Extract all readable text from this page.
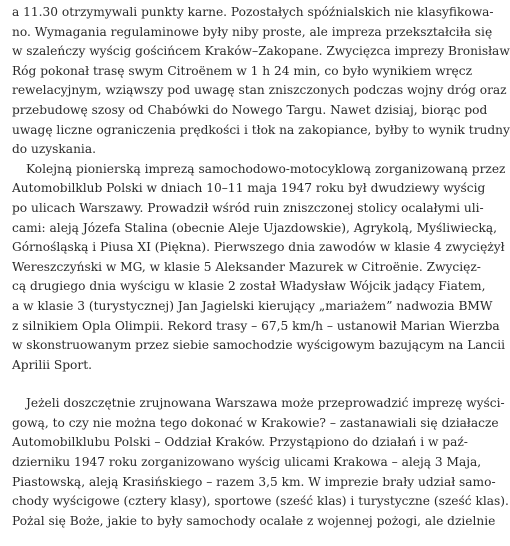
a 11.30 otrzymywali punkty karne. Pozostałych spóźnialskich nie klasyfikowa-
no. Wymagania regulaminowe były niby proste, ale impreza przekształciła się
w szaleńczy wyścig gościńcem Kraków–Zakopane. Zwycięzca imprezy Bronisław
Róg pokonał trasę swym Citroënem w 1 h 24 min, co było wynikiem wręcz
rewelacyjnym, wziąwszy pod uwagę stan zniszczonych podczas wojny dróg oraz
przebudowę szosy od Chabówki do Nowego Targu. Nawet dzisiaj, biorąc pod
uwagę liczne ograniczenia prędkości i tłok na zakopiance, byłby to wynik trudny
do uzyskania.
Kolejną pionierską imprezą samochodowo-motocyklową zorganizowaną przez
Automobilklub Polski w dniach 10–11 maja 1947 roku był dwudziewy wyścig
po ulicach Warszawy. Prowadził wśród ruin zniszczonej stolicy ocalałymi uli-
cami: aleją Józefa Stalina (obecnie Aleje Ujazdowskie), Agrykolą, Myśliwiecką,
Górnośląską i Piusa XI (Piękna). Pierwszego dnia zawodów w klasie 4 zwyciężył
Wereszczyński w MG, w klasie 5 Aleksander Mazurek w Citroënie. Zwycięz-
cą drugiego dnia wyścigu w klasie 2 został Władysław Wójcik jadący Fiatem,
a w klasie 3 (turystycznej) Jan Jagielski kierujący „mariażem” nadwozia BMW
z silnikiem Opla Olimpii. Rekord trasy – 67,5 km/h – ustanowił Marian Wierzba
w skonstruowanym przez siebie samochodzie wyścigowym bazującym na Lancii
Aprilii Sport.
Jeżeli doszczętnie zrujnowana Warszawa może przeprowadzić imprezę wyści-
gową, to czy nie można tego dokonać w Krakowie? – zastanawiali się działacze
Automobilklubu Polski – Oddział Kraków. Przystąpiono do działań i w paź-
dzierniku 1947 roku zorganizowano wyścig ulicami Krakowa – aleją 3 Maja,
Piastowską, aleją Krasińskiego – razem 3,5 km. W imprezie brały udział samo-
chody wyścigowe (cztery klasy), sportowe (sześć klas) i turystyczne (sześć klas).
Pożal się Boże, jakie to były samochody ocalałe z wojennej pożogi, ale dzielnie
